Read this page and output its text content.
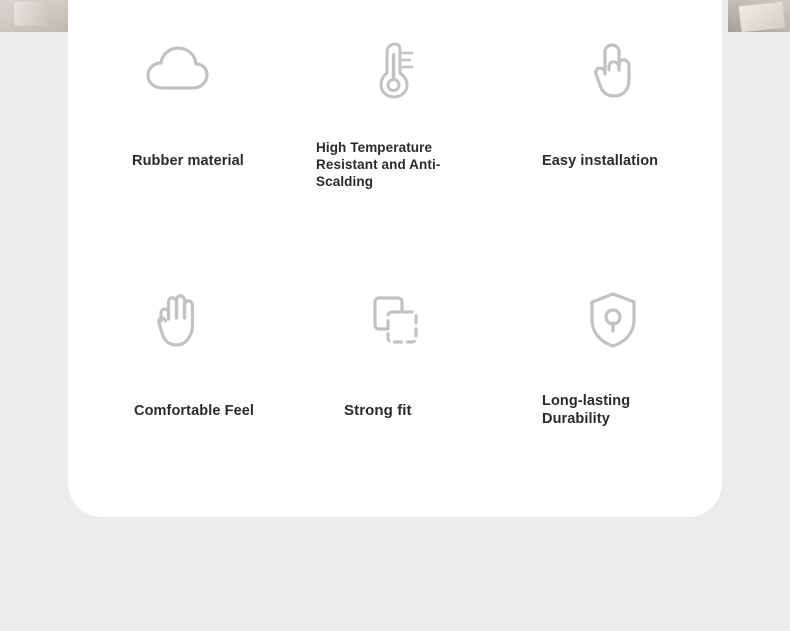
Rubber material
High Temperature Resistant and Anti-Scalding
Easy installation
Comfortable Feel	Strong fit
Long-lasting Durability
